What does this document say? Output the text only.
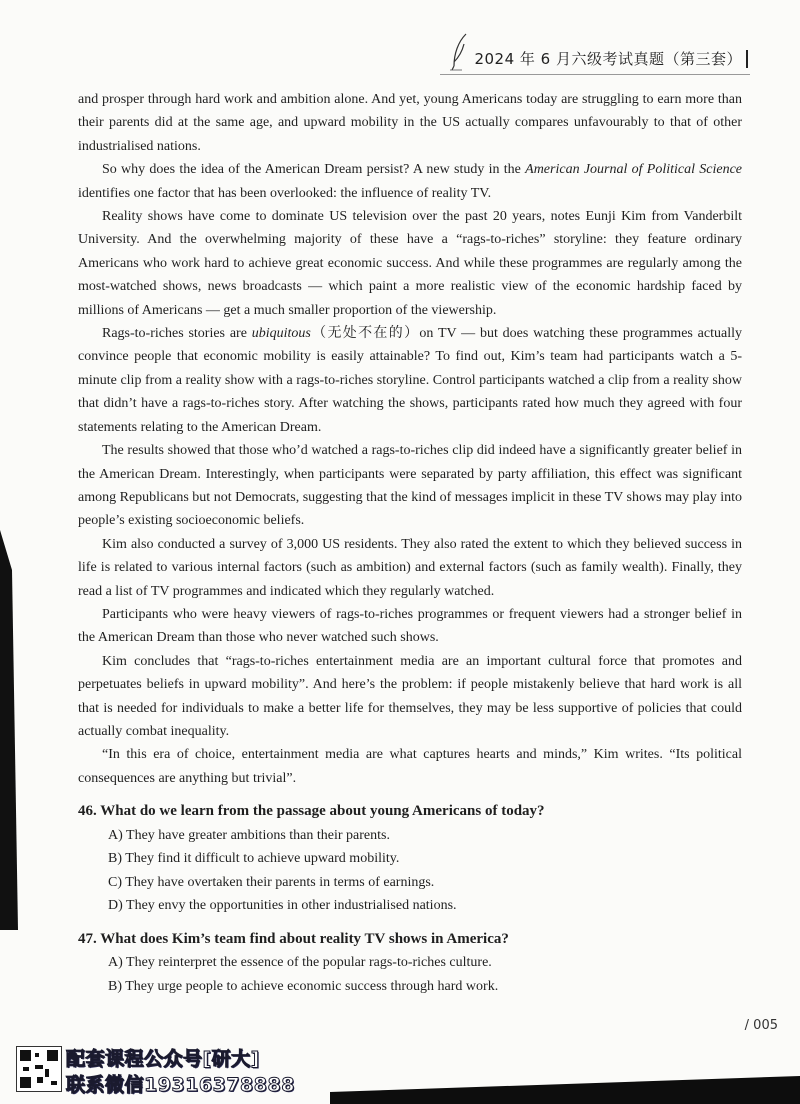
2024 年 6 月六级考试真题（第三套）

and prosper through hard work and ambition alone. And yet, young Americans today are struggling to earn more than their parents did at the same age, and upward mobility in the US actually compares unfavourably to that of other industrialised nations.

So why does the idea of the American Dream persist? A new study in the American Journal of Political Science identifies one factor that has been overlooked: the influence of reality TV.

Reality shows have come to dominate US television over the past 20 years, notes Eunji Kim from Vanderbilt University. And the overwhelming majority of these have a “rags-to-riches” storyline: they feature ordinary Americans who work hard to achieve great economic success. And while these programmes are regularly among the most-watched shows, news broadcasts — which paint a more realistic view of the economic hardship faced by millions of Americans — get a much smaller proportion of the viewership.

Rags-to-riches stories are ubiquitous（无处不在的）on TV — but does watching these programmes actually convince people that economic mobility is easily attainable? To find out, Kim’s team had participants watch a 5-minute clip from a reality show with a rags-to-riches storyline. Control participants watched a clip from a reality show that didn’t have a rags-to-riches story. After watching the shows, participants rated how much they agreed with four statements relating to the American Dream.

The results showed that those who’d watched a rags-to-riches clip did indeed have a significantly greater belief in the American Dream. Interestingly, when participants were separated by party affiliation, this effect was significant among Republicans but not Democrats, suggesting that the kind of messages implicit in these TV shows may play into people’s existing socioeconomic beliefs.

Kim also conducted a survey of 3,000 US residents. They also rated the extent to which they believed success in life is related to various internal factors (such as ambition) and external factors (such as family wealth). Finally, they read a list of TV programmes and indicated which they regularly watched.

Participants who were heavy viewers of rags-to-riches programmes or frequent viewers had a stronger belief in the American Dream than those who never watched such shows.

Kim concludes that “rags-to-riches entertainment media are an important cultural force that promotes and perpetuates beliefs in upward mobility”. And here’s the problem: if people mistakenly believe that hard work is all that is needed for individuals to make a better life for themselves, they may be less supportive of policies that could actually combat inequality.

“In this era of choice, entertainment media are what captures hearts and minds,” Kim writes. “Its political consequences are anything but trivial”.

46. What do we learn from the passage about young Americans of today?
A) They have greater ambitions than their parents.
B) They find it difficult to achieve upward mobility.
C) They have overtaken their parents in terms of earnings.
D) They envy the opportunities in other industrialised nations.
47. What does Kim’s team find about reality TV shows in America?
A) They reinterpret the essence of the popular rags-to-riches culture.
B) They urge people to achieve economic success through hard work.
/ 005
配套课程公众号[研大]
联系微信19316378888
